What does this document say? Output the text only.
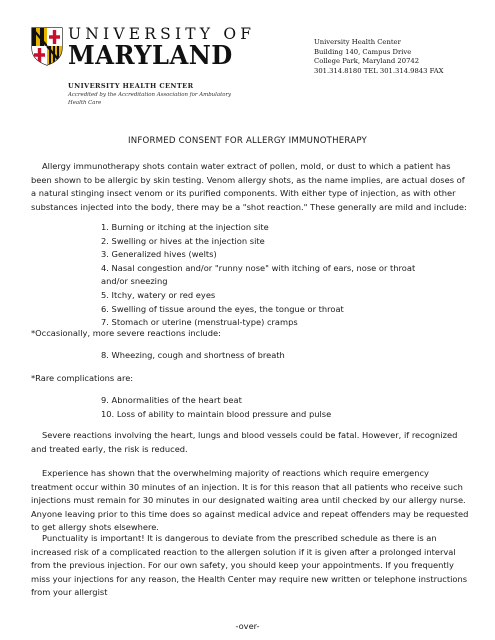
UNIVERSITY OF
MARYLAND
UNIVERSITY HEALTH CENTER
Accredited by the Accreditation Association for Ambulatory Health Care
University Health Center
Building 140, Campus Drive
College Park, Maryland 20742
301.314.8180 TEL 301.314.9843 FAX
INFORMED CONSENT FOR ALLERGY IMMUNOTHERAPY

Allergy immunotherapy shots contain water extract of pollen, mold, or dust to which a patient has been shown to be allergic by skin testing. Venom allergy shots, as the name implies, are actual doses of a natural stinging insect venom or its purified components. With either type of injection, as with other substances injected into the body, there may be a "shot reaction." These generally are mild and include:

1. Burning or itching at the injection site
2. Swelling or hives at the injection site
3. Generalized hives (welts)
4. Nasal congestion and/or "runny nose" with itching of ears, nose or throat and/or sneezing
5. Itchy, watery or red eyes
6. Swelling of tissue around the eyes, the tongue or throat
7. Stomach or uterine (menstrual-type) cramps
*Occasionally, more severe reactions include:
8. Wheezing, cough and shortness of breath
*Rare complications are:
9. Abnormalities of the heart beat
10. Loss of ability to maintain blood pressure and pulse

Severe reactions involving the heart, lungs and blood vessels could be fatal. However, if recognized and treated early, the risk is reduced.

Experience has shown that the overwhelming majority of reactions which require emergency treatment occur within 30 minutes of an injection. It is for this reason that all patients who receive such injections must remain for 30 minutes in our designated waiting area until checked by our allergy nurse. Anyone leaving prior to this time does so against medical advice and repeat offenders may be requested to get allergy shots elsewhere.

Punctuality is important! It is dangerous to deviate from the prescribed schedule as there is an increased risk of a complicated reaction to the allergen solution if it is given after a prolonged interval from the previous injection. For our own safety, you should keep your appointments. If you frequently miss your injections for any reason, the Health Center may require new written or telephone instructions from your allergist

-over-
